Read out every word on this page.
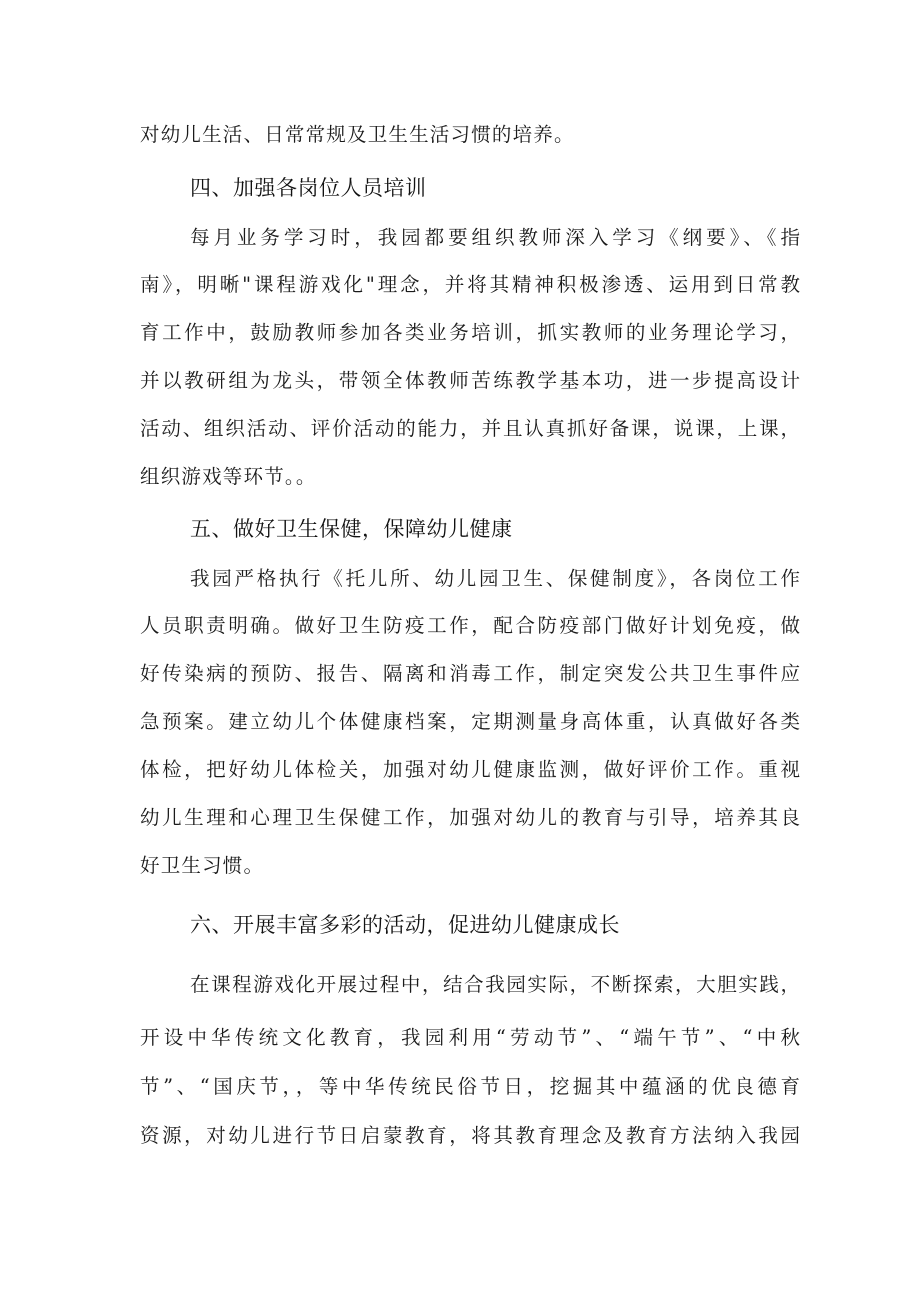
对幼儿生活、日常常规及卫生生活习惯的培养。
四、加强各岗位人员培训
每月业务学习时，我园都要组织教师深入学习《纲要》、《指
南》，明晰"课程游戏化"理念，并将其精神积极渗透、运用到日常教
育工作中，鼓励教师参加各类业务培训，抓实教师的业务理论学习，
并以教研组为龙头，带领全体教师苦练教学基本功，进一步提高设计
活动、组织活动、评价活动的能力，并且认真抓好备课，说课，上课，
组织游戏等环节。。
五、做好卫生保健，保障幼儿健康
我园严格执行《托儿所、幼儿园卫生、保健制度》，各岗位工作
人员职责明确。做好卫生防疫工作，配合防疫部门做好计划免疫，做
好传染病的预防、报告、隔离和消毒工作，制定突发公共卫生事件应
急预案。建立幼儿个体健康档案，定期测量身高体重，认真做好各类
体检，把好幼儿体检关，加强对幼儿健康监测，做好评价工作。重视
幼儿生理和心理卫生保健工作，加强对幼儿的教育与引导，培养其良
好卫生习惯。
六、开展丰富多彩的活动，促进幼儿健康成长
在课程游戏化开展过程中，结合我园实际，不断探索，大胆实践，
开设中华传统文化教育，我园利用“劳动节”、“端午节”、“中秋
节”、“国庆节，，等中华传统民俗节日，挖掘其中蕴涵的优良德育
资源，对幼儿进行节日启蒙教育，将其教育理念及教育方法纳入我园
